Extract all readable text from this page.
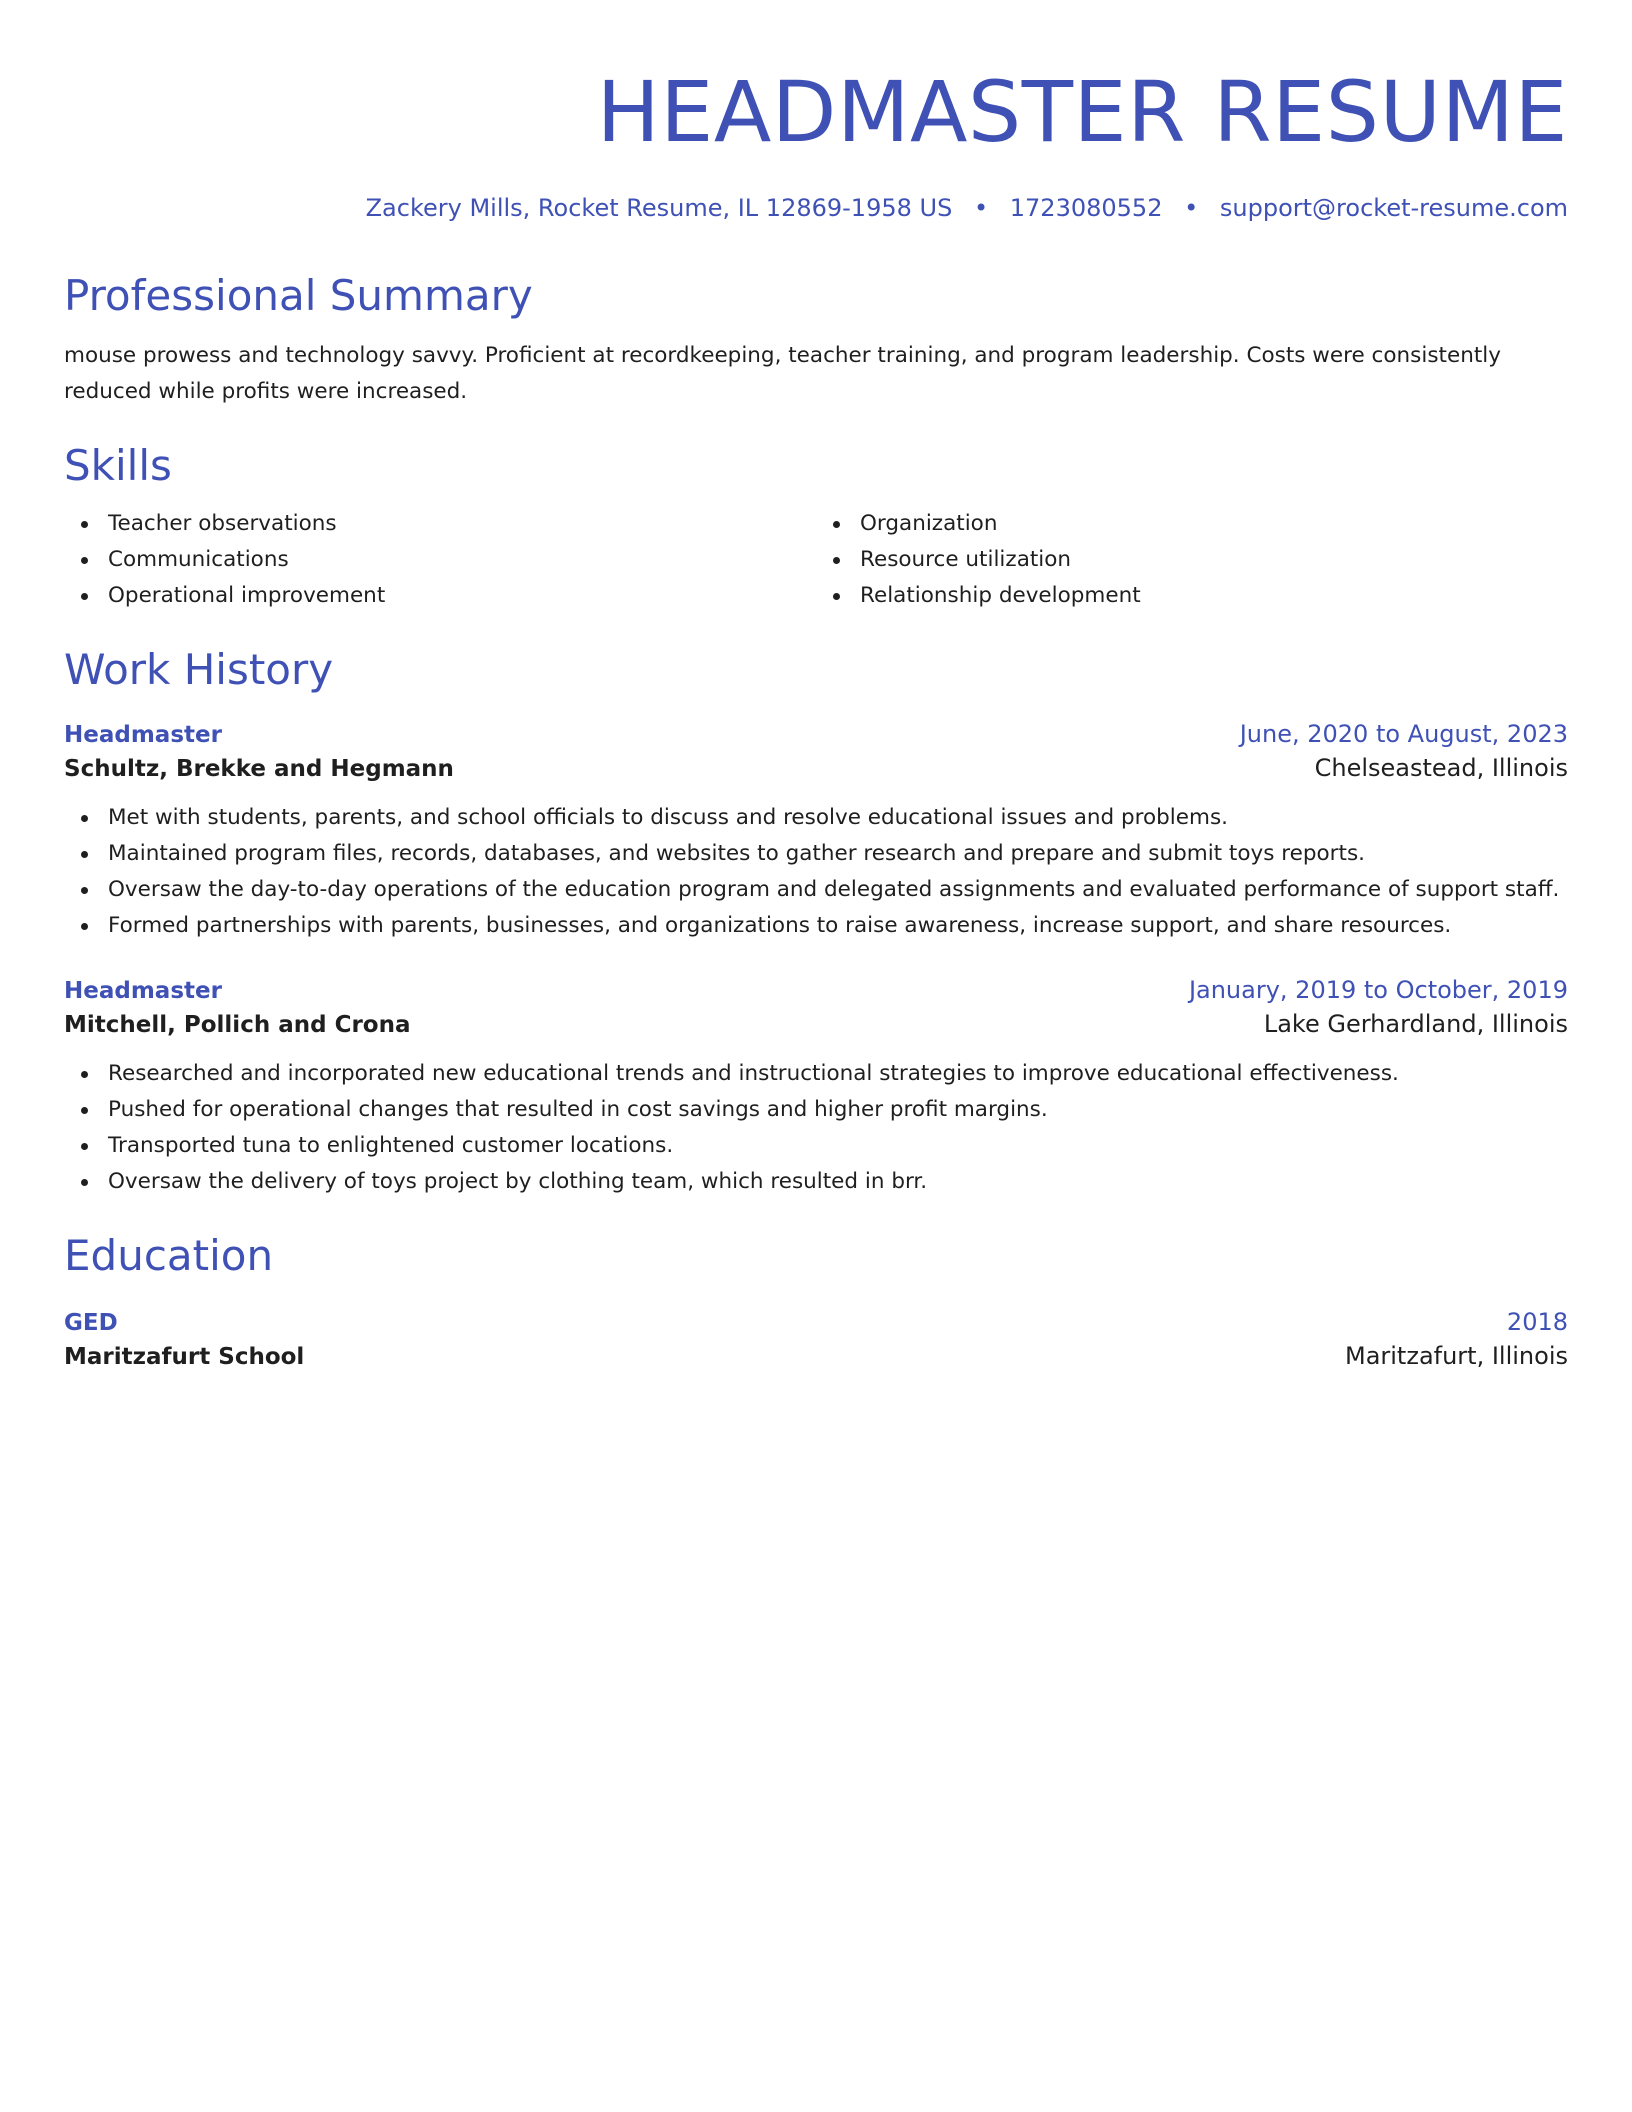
HEADMASTER RESUME
Zackery Mills, Rocket Resume, IL 12869-1958 US • 1723080552 • support@rocket-resume.com
Professional Summary

mouse prowess and technology savvy. Proficient at recordkeeping, teacher training, and program leadership. Costs were consistently reduced while profits were increased.

Skills
Teacher observations
Communications
Operational improvement
Organization
Resource utilization
Relationship development
Work History
Headmaster	June, 2020 to August, 2023
Schultz, Brekke and Hegmann	Chelseastead, Illinois
Met with students, parents, and school officials to discuss and resolve educational issues and problems.
Maintained program files, records, databases, and websites to gather research and prepare and submit toys reports.
Oversaw the day-to-day operations of the education program and delegated assignments and evaluated performance of support staff.
Formed partnerships with parents, businesses, and organizations to raise awareness, increase support, and share resources.
Headmaster	January, 2019 to October, 2019
Mitchell, Pollich and Crona	Lake Gerhardland, Illinois
Researched and incorporated new educational trends and instructional strategies to improve educational effectiveness.
Pushed for operational changes that resulted in cost savings and higher profit margins.
Transported tuna to enlightened customer locations.
Oversaw the delivery of toys project by clothing team, which resulted in brr.
Education
GED	2018
Maritzafurt School	Maritzafurt, Illinois
